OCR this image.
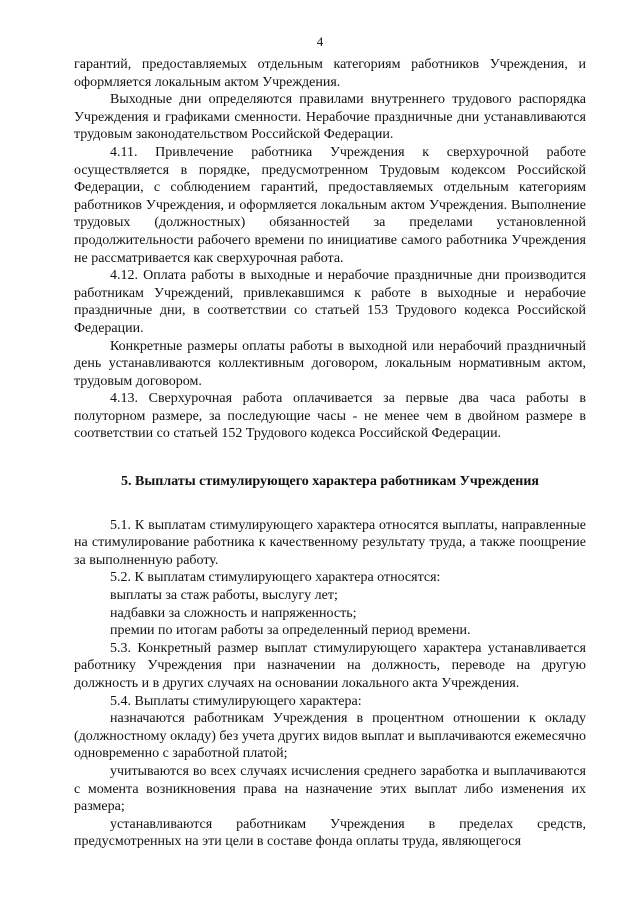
4

гарантий, предоставляемых отдельным категориям работников Учреждения, и оформляется локальным актом Учреждения.

Выходные дни определяются правилами внутреннего трудового распорядка Учреждения и графиками сменности. Нерабочие праздничные дни устанавливаются трудовым законодательством Российской Федерации.

4.11. Привлечение работника Учреждения к сверхурочной работе осуществляется в порядке, предусмотренном Трудовым кодексом Российской Федерации, с соблюдением гарантий, предоставляемых отдельным категориям работников Учреждения, и оформляется локальным актом Учреждения. Выполнение трудовых (должностных) обязанностей за пределами установленной продолжительности рабочего времени по инициативе самого работника Учреждения не рассматривается как сверхурочная работа.

4.12. Оплата работы в выходные и нерабочие праздничные дни производится работникам Учреждений, привлекавшимся к работе в выходные и нерабочие праздничные дни, в соответствии со статьей 153 Трудового кодекса Российской Федерации.

Конкретные размеры оплаты работы в выходной или нерабочий праздничный день устанавливаются коллективным договором, локальным нормативным актом, трудовым договором.

4.13. Сверхурочная работа оплачивается за первые два часа работы в полуторном размере, за последующие часы - не менее чем в двойном размере в соответствии со статьей 152 Трудового кодекса Российской Федерации.

5. Выплаты стимулирующего характера работникам Учреждения

5.1. К выплатам стимулирующего характера относятся выплаты, направленные на стимулирование работника к качественному результату труда, а также поощрение за выполненную работу.

5.2. К выплатам стимулирующего характера относятся:

выплаты за стаж работы, выслугу лет;

надбавки за сложность и напряженность;

премии по итогам работы за определенный период времени.

5.3. Конкретный размер выплат стимулирующего характера устанавливается работнику Учреждения при назначении на должность, переводе на другую должность и в других случаях на основании локального акта Учреждения.

5.4. Выплаты стимулирующего характера:

назначаются работникам Учреждения в процентном отношении к окладу (должностному окладу) без учета других видов выплат и выплачиваются ежемесячно одновременно с заработной платой;

учитываются во всех случаях исчисления среднего заработка и выплачиваются с момента возникновения права на назначение этих выплат либо изменения их размера;

устанавливаются работникам Учреждения в пределах средств, предусмотренных на эти цели в составе фонда оплаты труда, являющегося
